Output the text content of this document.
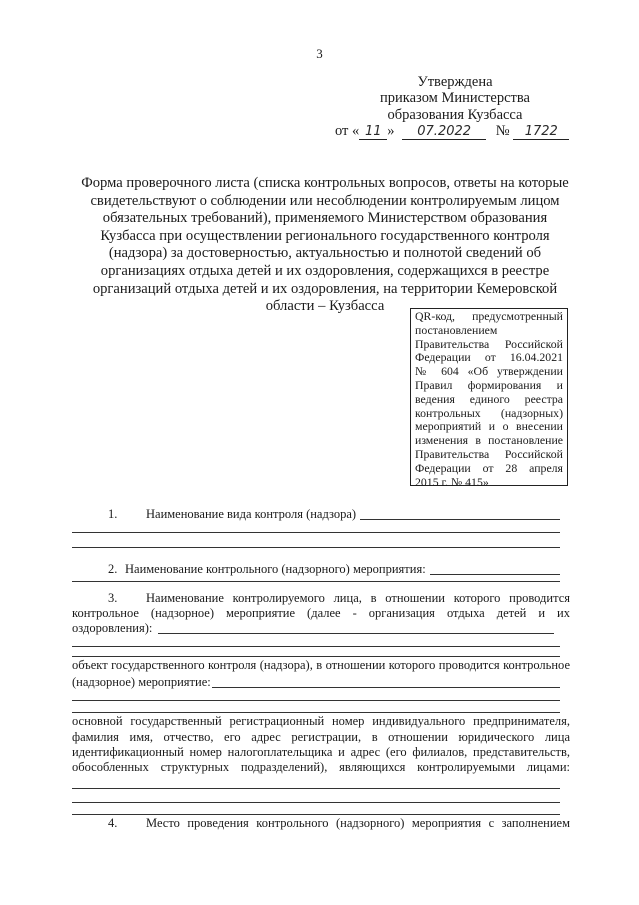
3
Утверждена
приказом Министерства
образования Кузбасса
от « 11 » 07.2022 № 1722
Форма проверочного листа (списка контрольных вопросов, ответы на которые
свидетельствуют о соблюдении или несоблюдении контролируемым лицом
обязательных требований), применяемого Министерством образования
Кузбасса при осуществлении регионального государственного контроля
(надзора) за достоверностью, актуальностью и полнотой сведений об
организациях отдыха детей и их оздоровления, содержащихся в реестре
организаций отдыха детей и их оздоровления, на территории Кемеровской
области – Кузбасса
QR-код, предусмотренный
постановлением
Правительства Российской
Федерации от 16.04.2021
№ 604 «Об утверждении
Правил формирования и
ведения единого реестра
контрольных (надзорных)
мероприятий и о внесении
изменения в постановление
Правительства Российской
Федерации от 28 апреля
2015 г. № 415»
1. Наименование вида контроля (надзора)
2. Наименование контрольного (надзорного) мероприятия:
3. Наименование контролируемого лица, в отношении которого проводится
контрольное (надзорное) мероприятие (далее - организация отдыха детей и их
оздоровления):
объект государственного контроля (надзора), в отношении которого проводится контрольное
(надзорное) мероприятие:
основной государственный регистрационный номер индивидуального предпринимателя,
фамилия имя, отчество, его адрес регистрации, в отношении юридического лица
идентификационный номер налогоплательщика и адрес (его филиалов, представительств,
обособленных структурных подразделений), являющихся контролируемыми лицами:
4. Место проведения контрольного (надзорного) мероприятия с заполнением
